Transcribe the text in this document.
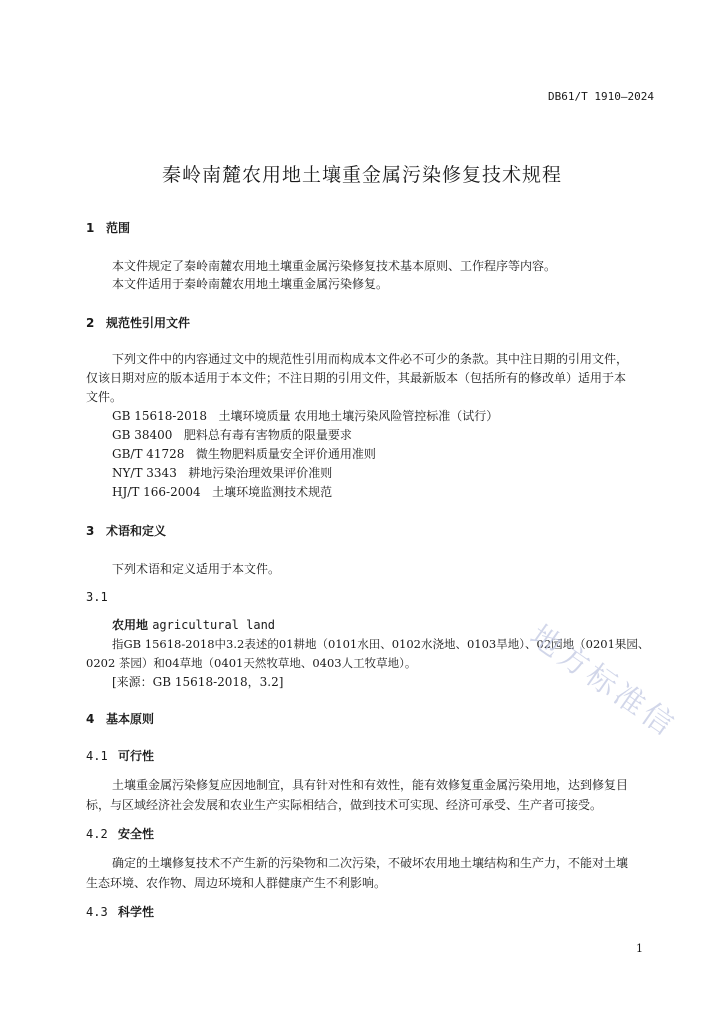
DB61/T 1910—2024
秦岭南麓农用地土壤重金属污染修复技术规程
1 范围
本文件规定了秦岭南麓农用地土壤重金属污染修复技术基本原则、工作程序等内容。
本文件适用于秦岭南麓农用地土壤重金属污染修复。
2 规范性引用文件
下列文件中的内容通过文中的规范性引用而构成本文件必不可少的条款。其中注日期的引用文件，
仅该日期对应的版本适用于本文件；不注日期的引用文件，其最新版本（包括所有的修改单）适用于本
文件。
GB 15618-2018 土壤环境质量 农用地土壤污染风险管控标准（试行）
GB 38400 肥料总有毒有害物质的限量要求
GB/T 41728 微生物肥料质量安全评价通用准则
NY/T 3343 耕地污染治理效果评价准则
HJ/T 166-2004 土壤环境监测技术规范
3 术语和定义
下列术语和定义适用于本文件。
3.1
农用地 agricultural land
指GB 15618-2018中3.2表述的01耕地（0101水田、0102水浇地、0103旱地）、02园地（0201果园、
0202 茶园）和04草地（0401天然牧草地、0403人工牧草地）。
[来源：GB 15618-2018，3.2]
4 基本原则
4.1 可行性
土壤重金属污染修复应因地制宜，具有针对性和有效性，能有效修复重金属污染用地，达到修复目
标，与区域经济社会发展和农业生产实际相结合，做到技术可实现、经济可承受、生产者可接受。
4.2 安全性
确定的土壤修复技术不产生新的污染物和二次污染，不破坏农用地土壤结构和生产力，不能对土壤
生态环境、农作物、周边环境和人群健康产生不利影响。
4.3 科学性
1
地方标准信
